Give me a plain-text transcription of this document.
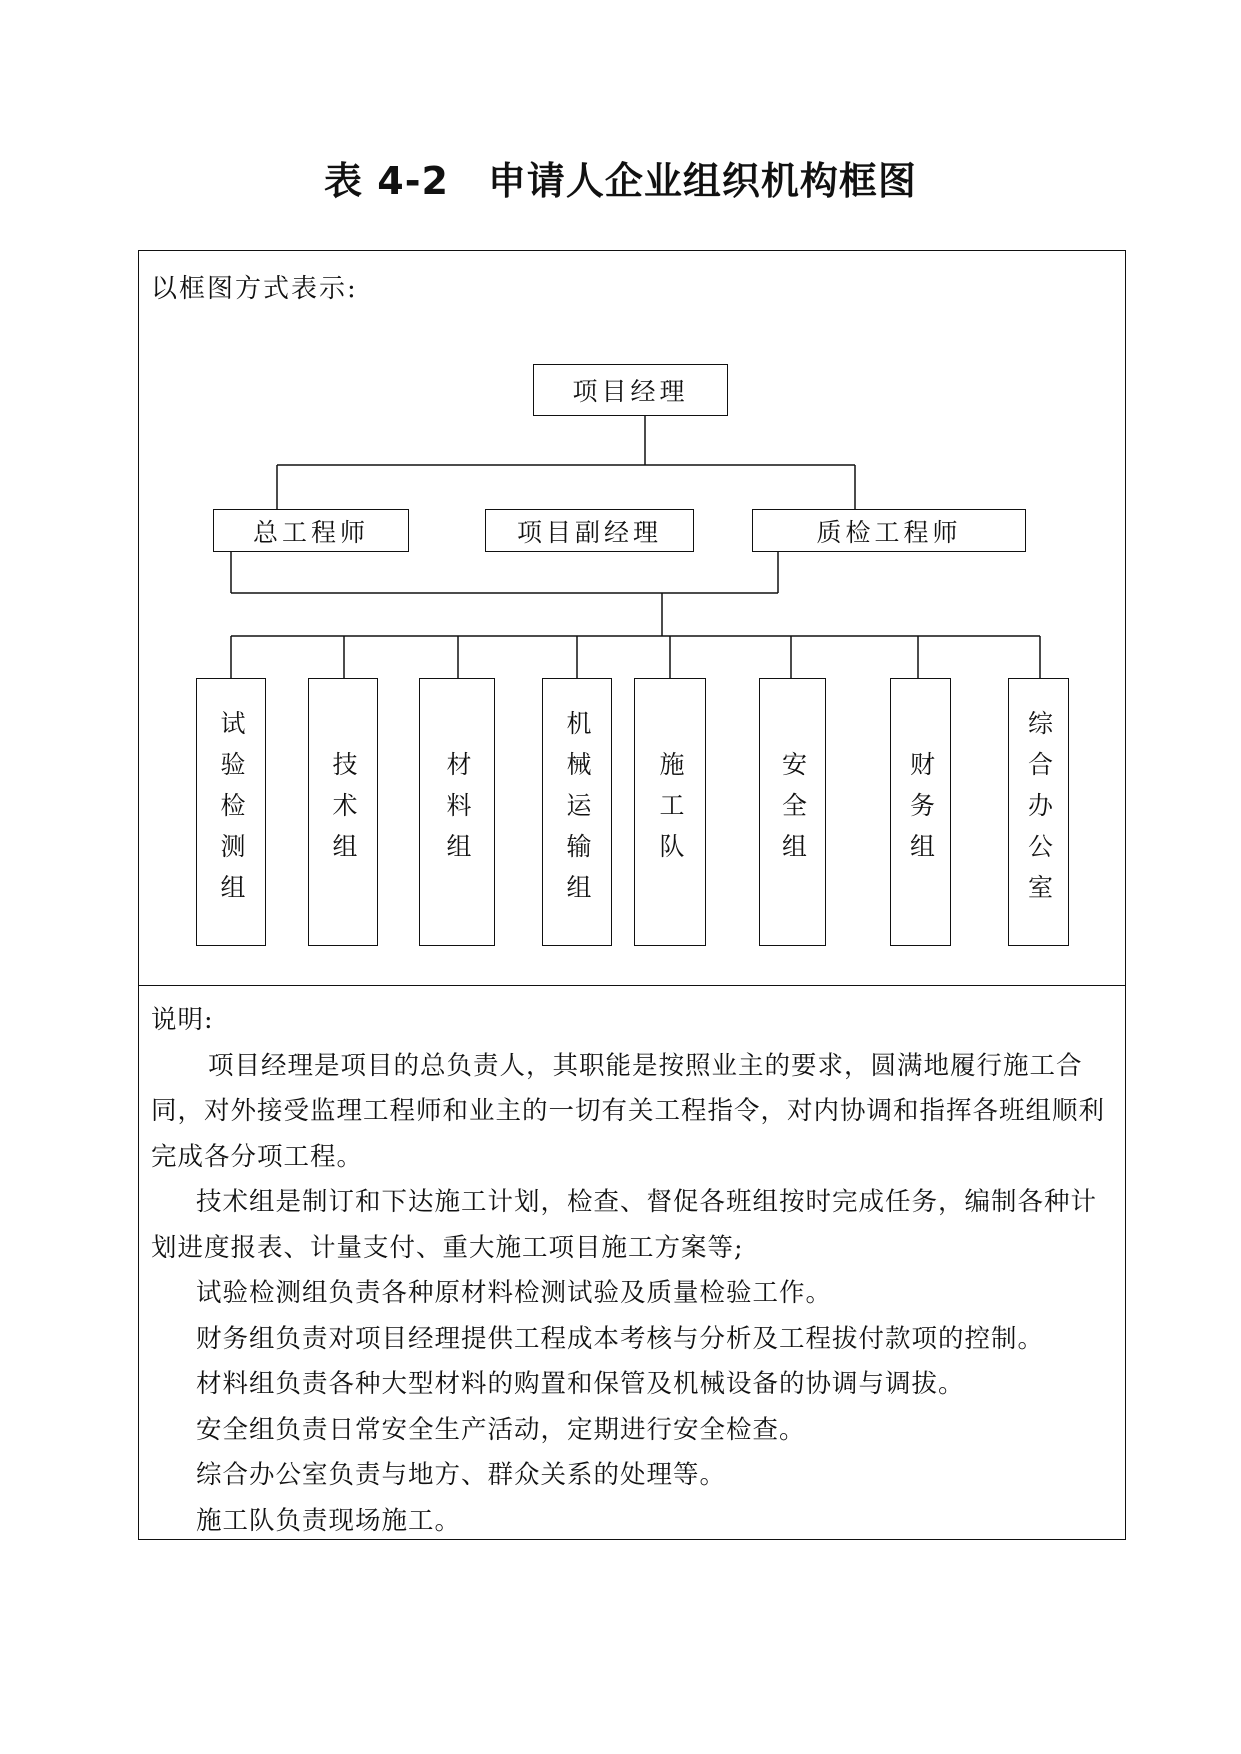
表 4-2　申请人企业组织机构框图
以框图方式表示:
项目经理
总工程师	项目副经理	质检工程师
试验检测组	技术组	材料组	机械运输组	施工队	安全组	财务组	综合办公室

说明:

项目经理是项目的总负责人，其职能是按照业主的要求，圆满地履行施工合同，对外接受监理工程师和业主的一切有关工程指令，对内协调和指挥各班组顺利完成各分项工程。

技术组是制订和下达施工计划，检查、督促各班组按时完成任务，编制各种计划进度报表、计量支付、重大施工项目施工方案等;

试验检测组负责各种原材料检测试验及质量检验工作。

财务组负责对项目经理提供工程成本考核与分析及工程拔付款项的控制。

材料组负责各种大型材料的购置和保管及机械设备的协调与调拔。

安全组负责日常安全生产活动，定期进行安全检查。

综合办公室负责与地方、群众关系的处理等。

施工队负责现场施工。
